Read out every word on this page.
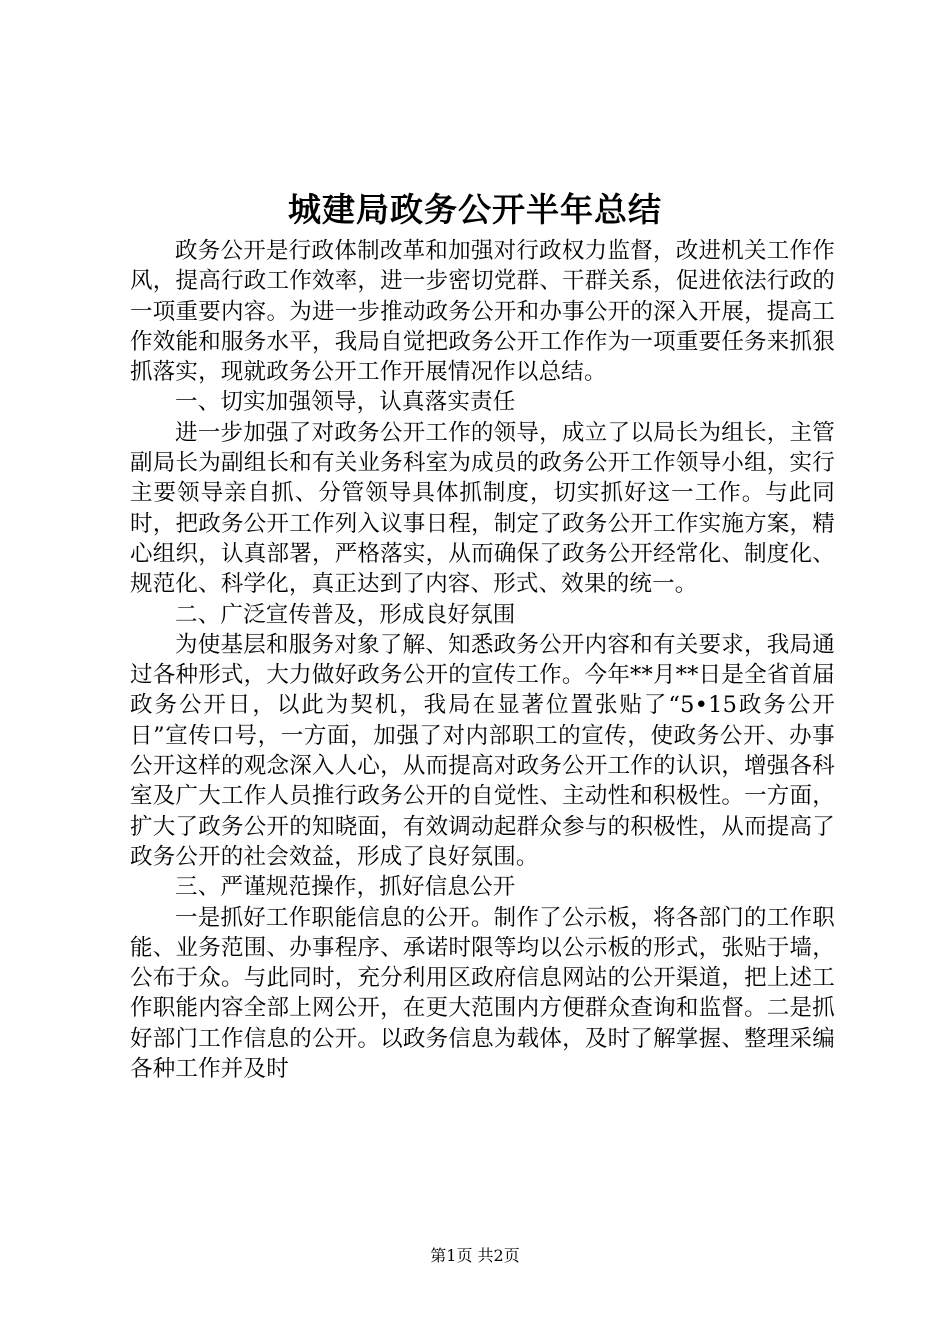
城建局政务公开半年总结

政务公开是行政体制改革和加强对行政权力监督，改进机关工作作风，提高行政工作效率，进一步密切党群、干群关系，促进依法行政的一项重要内容。为进一步推动政务公开和办事公开的深入开展，提高工作效能和服务水平，我局自觉把政务公开工作作为一项重要任务来抓狠抓落实，现就政务公开工作开展情况作以总结。

一、切实加强领导，认真落实责任

进一步加强了对政务公开工作的领导，成立了以局长为组长，主管副局长为副组长和有关业务科室为成员的政务公开工作领导小组，实行主要领导亲自抓、分管领导具体抓制度，切实抓好这一工作。与此同时，把政务公开工作列入议事日程，制定了政务公开工作实施方案，精心组织，认真部署，严格落实，从而确保了政务公开经常化、制度化、规范化、科学化，真正达到了内容、形式、效果的统一。

二、广泛宣传普及，形成良好氛围

为使基层和服务对象了解、知悉政务公开内容和有关要求，我局通过各种形式，大力做好政务公开的宣传工作。今年**月**日是全省首届政务公开日，以此为契机，我局在显著位置张贴了“5•15政务公开日”宣传口号，一方面，加强了对内部职工的宣传，使政务公开、办事公开这样的观念深入人心，从而提高对政务公开工作的认识，增强各科室及广大工作人员推行政务公开的自觉性、主动性和积极性。一方面，扩大了政务公开的知晓面，有效调动起群众参与的积极性，从而提高了政务公开的社会效益，形成了良好氛围。

三、严谨规范操作，抓好信息公开

一是抓好工作职能信息的公开。制作了公示板，将各部门的工作职能、业务范围、办事程序、承诺时限等均以公示板的形式，张贴于墙，公布于众。与此同时，充分利用区政府信息网站的公开渠道，把上述工作职能内容全部上网公开，在更大范围内方便群众查询和监督。二是抓好部门工作信息的公开。以政务信息为载体，及时了解掌握、整理采编各种工作并及时

第1页 共2页
